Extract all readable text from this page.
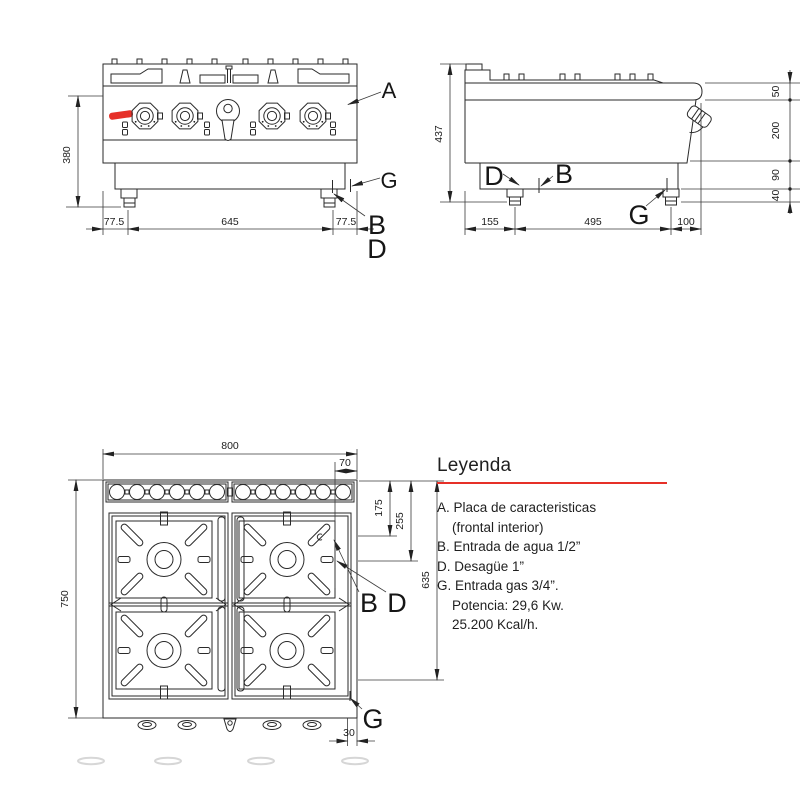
380
77.5	645	77.5
A
G
B
D
437
155	495	100
50
200
90
40
D B
G
800
70
750
175
255
635
30
B D
G
Leyenda
A. Placa de caracteristicas
(frontal interior)
B. Entrada de agua 1/2”
D. Desagüe 1”
G. Entrada gas 3/4”.
Potencia: 29,6 Kw.
25.200 Kcal/h.
